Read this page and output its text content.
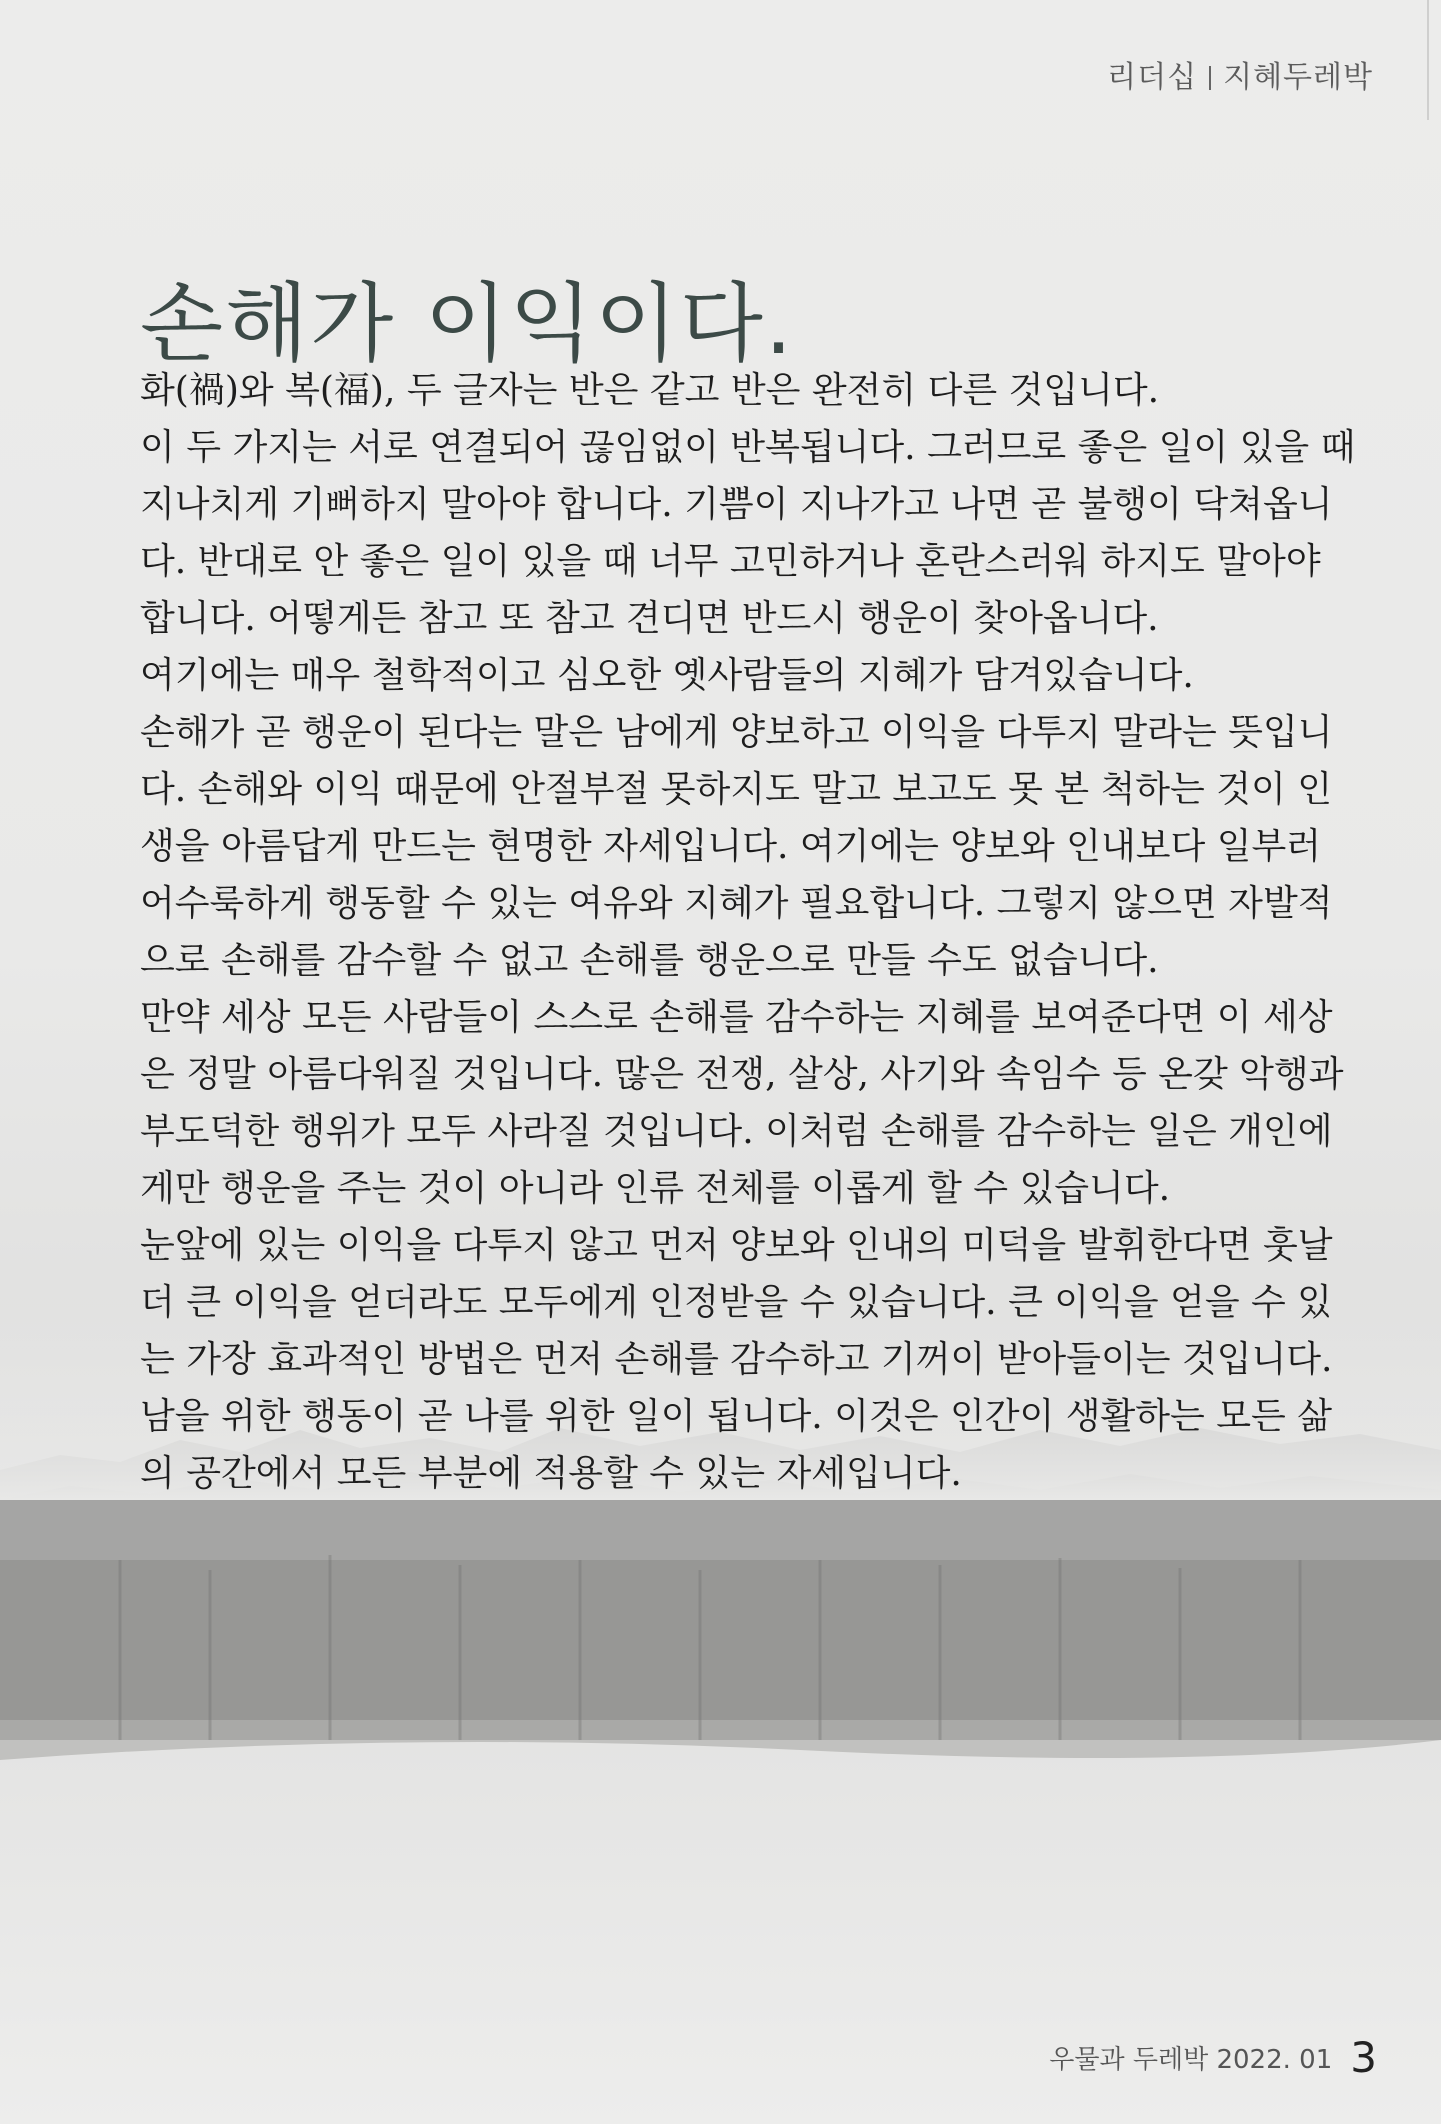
리더십 지혜두레박
손해가 이익이다.

화(禍)와 복(福), 두 글자는 반은 같고 반은 완전히 다른 것입니다.

이 두 가지는 서로 연결되어 끊임없이 반복됩니다. 그러므로 좋은 일이 있을 때 지나치게 기뻐하지 말아야 합니다. 기쁨이 지나가고 나면 곧 불행이 닥쳐옵니다. 반대로 안 좋은 일이 있을 때 너무 고민하거나 혼란스러워 하지도 말아야 합니다. 어떻게든 참고 또 참고 견디면 반드시 행운이 찾아옵니다.

여기에는 매우 철학적이고 심오한 옛사람들의 지혜가 담겨있습니다.

손해가 곧 행운이 된다는 말은 남에게 양보하고 이익을 다투지 말라는 뜻입니다. 손해와 이익 때문에 안절부절 못하지도 말고 보고도 못 본 척하는 것이 인생을 아름답게 만드는 현명한 자세입니다. 여기에는 양보와 인내보다 일부러 어수룩하게 행동할 수 있는 여유와 지혜가 필요합니다. 그렇지 않으면 자발적으로 손해를 감수할 수 없고 손해를 행운으로 만들 수도 없습니다.

만약 세상 모든 사람들이 스스로 손해를 감수하는 지혜를 보여준다면 이 세상은 정말 아름다워질 것입니다. 많은 전쟁, 살상, 사기와 속임수 등 온갖 악행과 부도덕한 행위가 모두 사라질 것입니다. 이처럼 손해를 감수하는 일은 개인에게만 행운을 주는 것이 아니라 인류 전체를 이롭게 할 수 있습니다.

눈앞에 있는 이익을 다투지 않고 먼저 양보와 인내의 미덕을 발휘한다면 훗날 더 큰 이익을 얻더라도 모두에게 인정받을 수 있습니다. 큰 이익을 얻을 수 있는 가장 효과적인 방법은 먼저 손해를 감수하고 기꺼이 받아들이는 것입니다.

남을 위한 행동이 곧 나를 위한 일이 됩니다. 이것은 인간이 생활하는 모든 삶의 공간에서 모든 부분에 적용할 수 있는 자세입니다.

우물과 두레박 2022. 01 3
